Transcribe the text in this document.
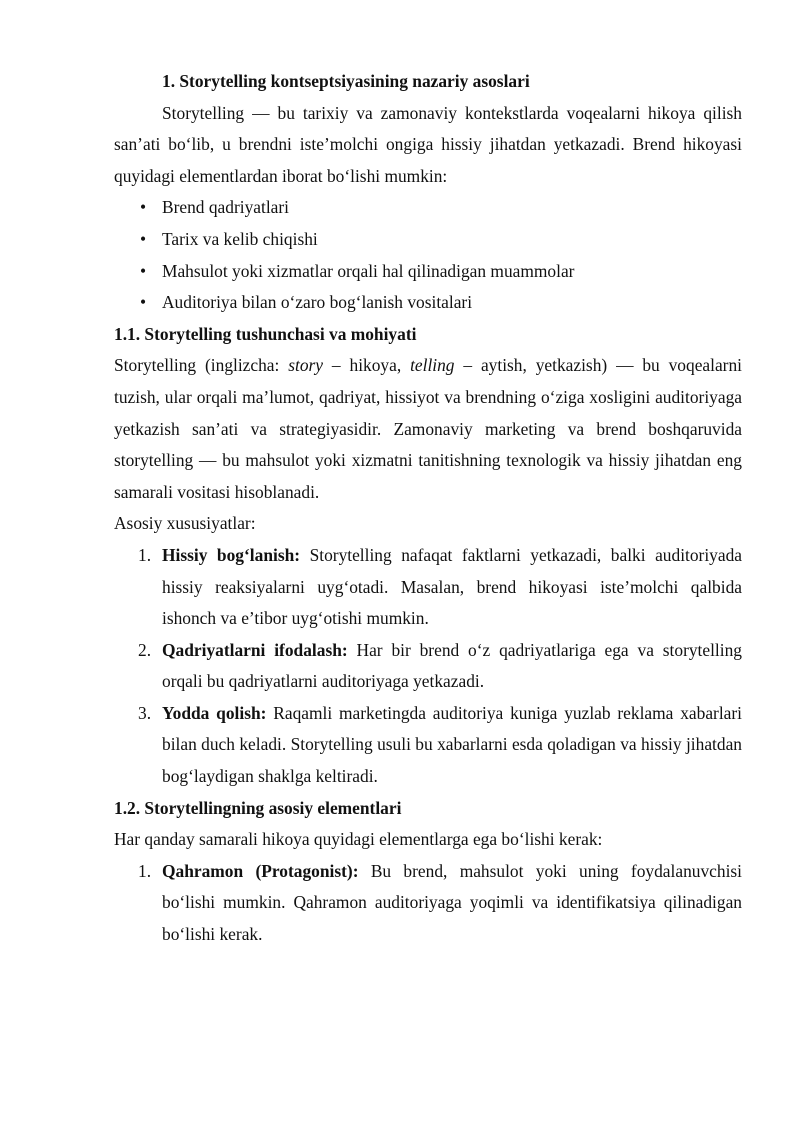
1. Storytelling kontseptsiyasining nazariy asoslari

Storytelling — bu tarixiy va zamonaviy kontekstlarda voqealarni hikoya qilish san’ati bo‘lib, u brendni iste’molchi ongiga hissiy jihatdan yetkazadi. Brend hikoyasi quyidagi elementlardan iborat bo‘lishi mumkin:

• Brend qadriyatlari
• Tarix va kelib chiqishi
• Mahsulot yoki xizmatlar orqali hal qilinadigan muammolar
• Auditoriya bilan o‘zaro bog‘lanish vositalari

1.1. Storytelling tushunchasi va mohiyati

Storytelling (inglizcha: story – hikoya, telling – aytish, yetkazish) — bu voqealarni tuzish, ular orqali ma’lumot, qadriyat, hissiyot va brendning o‘ziga xosligini auditoriyaga yetkazish san’ati va strategiyasidir. Zamonaviy marketing va brend boshqaruvida storytelling — bu mahsulot yoki xizmatni tanitishning texnologik va hissiy jihatdan eng samarali vositasi hisoblanadi.

Asosiy xususiyatlar:

1. Hissiy bog‘lanish: Storytelling nafaqat faktlarni yetkazadi, balki auditoriyada hissiy reaksiyalarni uyg‘otadi. Masalan, brend hikoyasi iste’molchi qalbida ishonch va e’tibor uyg‘otishi mumkin.
2. Qadriyatlarni ifodalash: Har bir brend o‘z qadriyatlariga ega va storytelling orqali bu qadriyatlarni auditoriyaga yetkazadi.
3. Yodda qolish: Raqamli marketingda auditoriya kuniga yuzlab reklama xabarlari bilan duch keladi. Storytelling usuli bu xabarlarni esda qoladigan va hissiy jihatdan bog‘laydigan shaklga keltiradi.

1.2. Storytellingning asosiy elementlari

Har qanday samarali hikoya quyidagi elementlarga ega bo‘lishi kerak:

1. Qahramon (Protagonist): Bu brend, mahsulot yoki uning foydalanuvchisi bo‘lishi mumkin. Qahramon auditoriyaga yoqimli va identifikatsiya qilinadigan bo‘lishi kerak.
